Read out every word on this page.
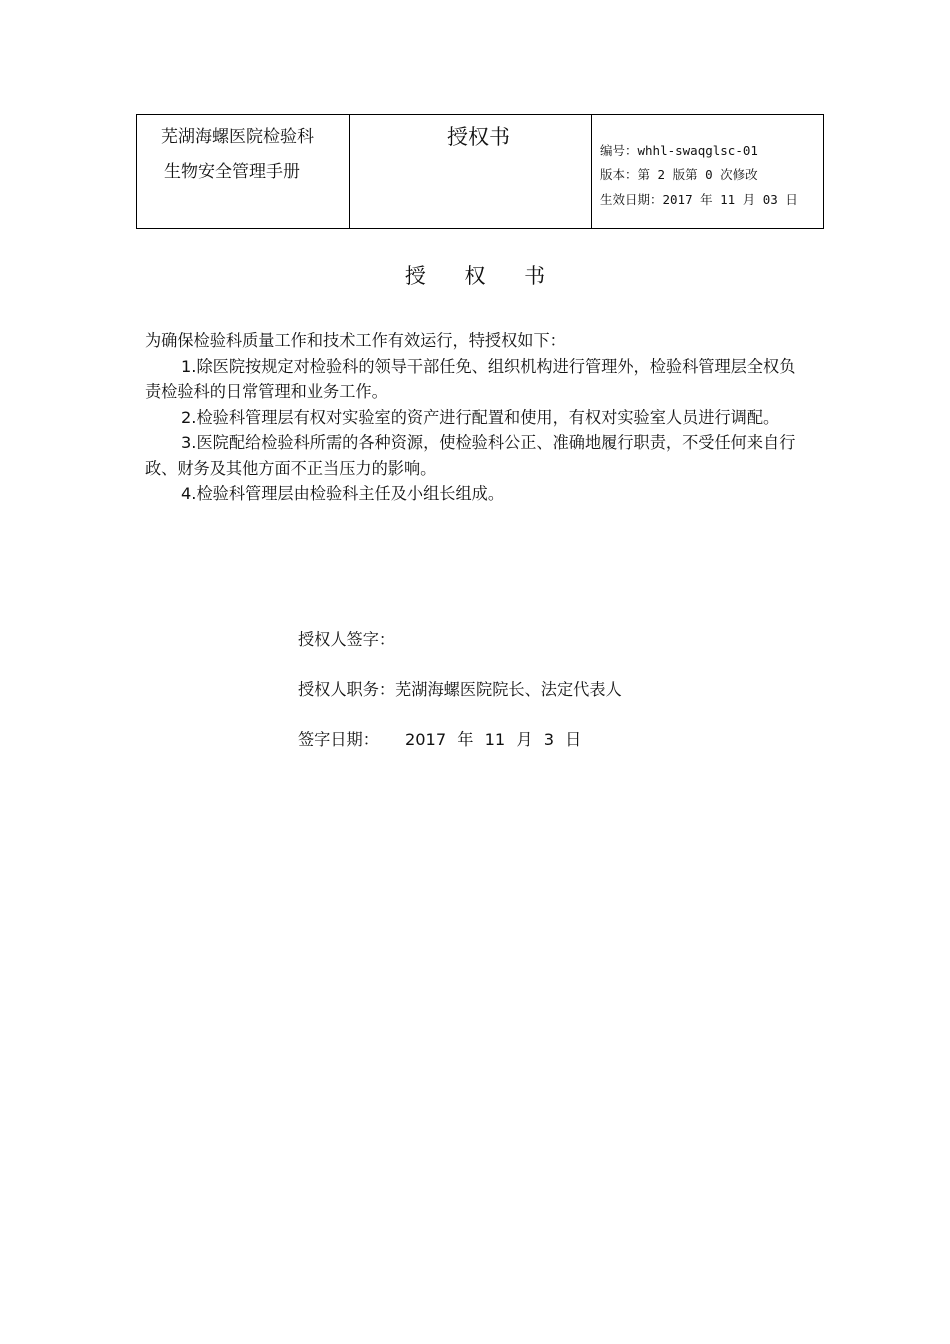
芜湖海螺医院检验科
生物安全管理手册

授权书

编号：whhl-swaqglsc-01
版本：第 2 版第 0 次修改
生效日期：2017 年 11 月 03 日
授 权 书

为确保检验科质量工作和技术工作有效运行，特授权如下：

1.除医院按规定对检验科的领导干部任免、组织机构进行管理外，检验科管理层全权负责检验科的日常管理和业务工作。

2.检验科管理层有权对实验室的资产进行配置和使用，有权对实验室人员进行调配。

3.医院配给检验科所需的各种资源，使检验科公正、准确地履行职责，不受任何来自行政、财务及其他方面不正当压力的影响。

4.检验科管理层由检验科主任及小组长组成。

授权人签字：
授权人职务：芜湖海螺医院院长、法定代表人
签字日期： 2017 年 11 月 3 日
